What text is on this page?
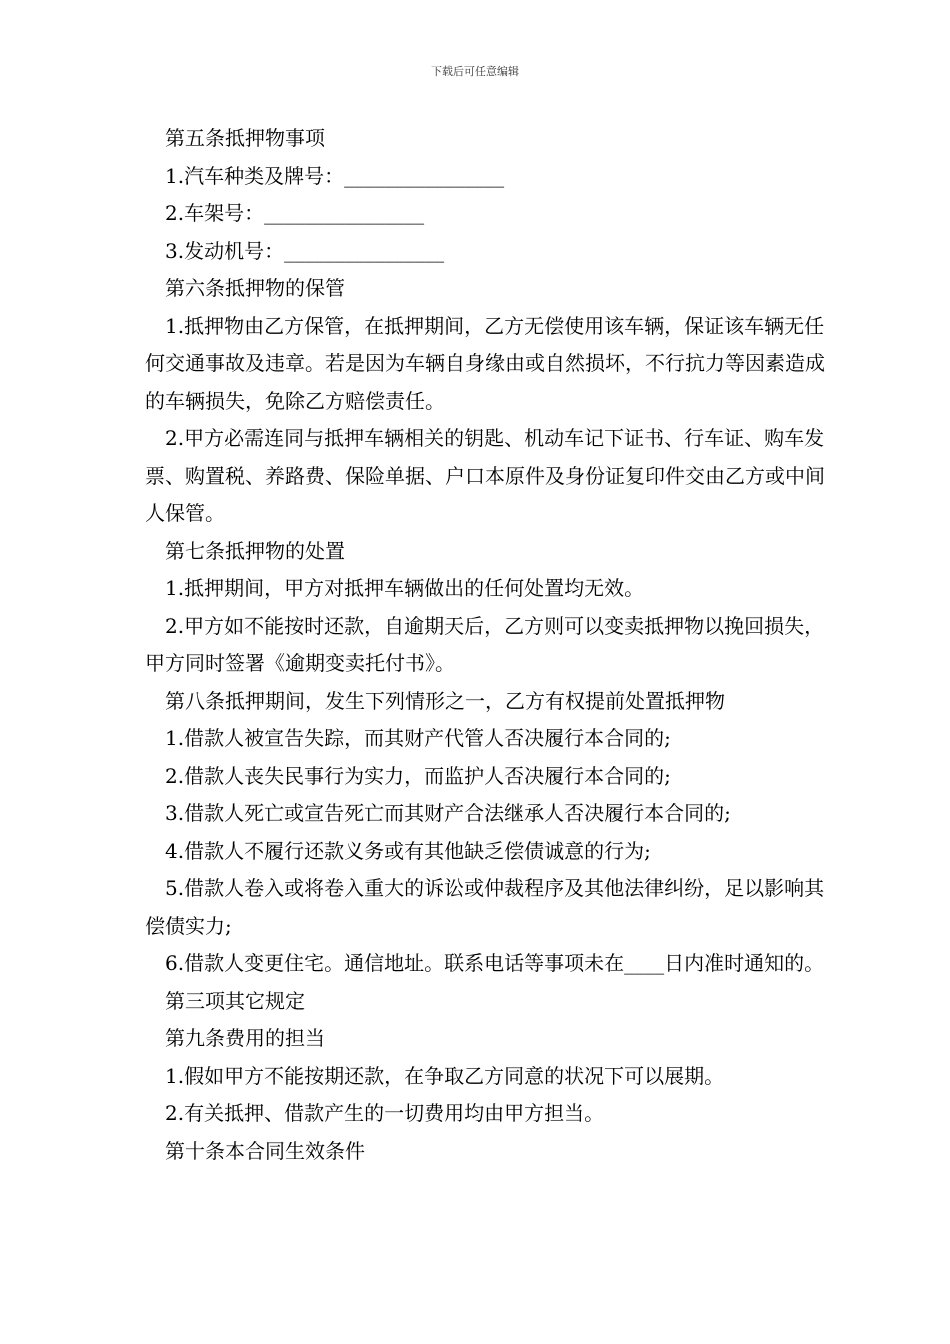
下载后可任意编辑

第五条抵押物事项

1.汽车种类及牌号：________________

2.车架号：________________

3.发动机号：________________

第六条抵押物的保管

1.抵押物由乙方保管，在抵押期间，乙方无偿使用该车辆，保证该车辆无任何交通事故及违章。若是因为车辆自身缘由或自然损坏，不行抗力等因素造成的车辆损失，免除乙方赔偿责任。

2.甲方必需连同与抵押车辆相关的钥匙、机动车记下证书、行车证、购车发票、购置税、养路费、保险单据、户口本原件及身份证复印件交由乙方或中间人保管。

第七条抵押物的处置

1.抵押期间，甲方对抵押车辆做出的任何处置均无效。

2.甲方如不能按时还款，自逾期天后，乙方则可以变卖抵押物以挽回损失，甲方同时签署《逾期变卖托付书》。

第八条抵押期间，发生下列情形之一，乙方有权提前处置抵押物

1.借款人被宣告失踪，而其财产代管人否决履行本合同的;

2.借款人丧失民事行为实力，而监护人否决履行本合同的;

3.借款人死亡或宣告死亡而其财产合法继承人否决履行本合同的;

4.借款人不履行还款义务或有其他缺乏偿债诚意的行为;

5.借款人卷入或将卷入重大的诉讼或仲裁程序及其他法律纠纷，足以影响其偿债实力;

6.借款人变更住宅。通信地址。联系电话等事项未在____日内准时通知的。

第三项其它规定

第九条费用的担当

1.假如甲方不能按期还款，在争取乙方同意的状况下可以展期。

2.有关抵押、借款产生的一切费用均由甲方担当。

第十条本合同生效条件
